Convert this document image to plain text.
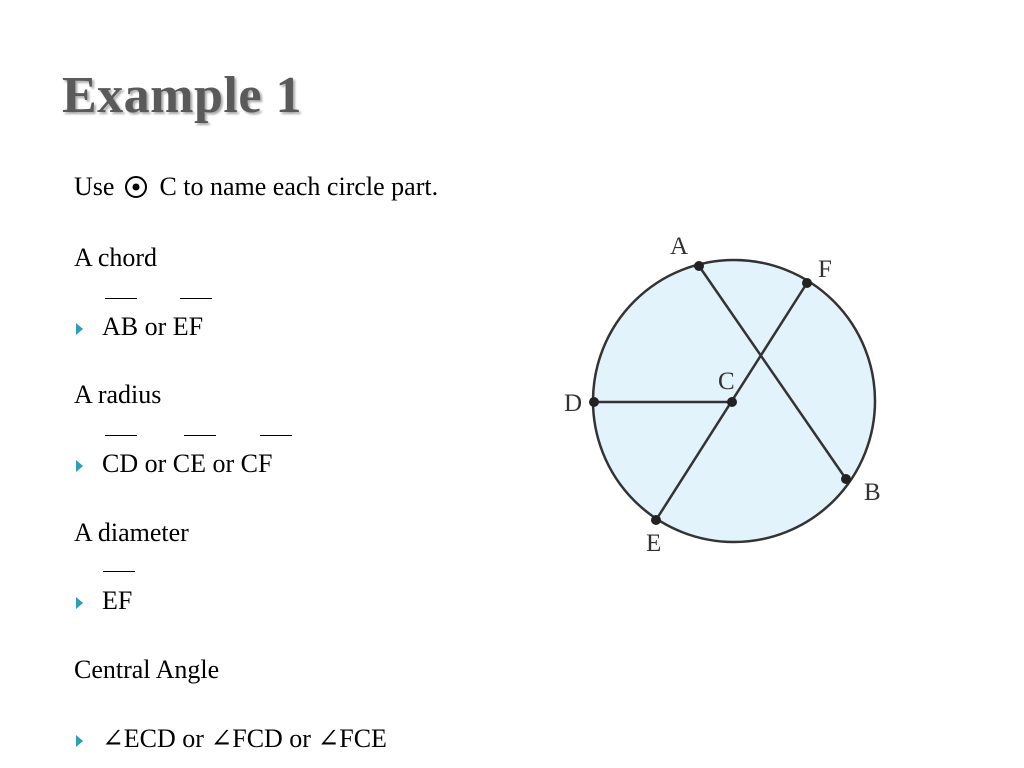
Example 1
Use C to name each circle part.
A chord
AB or EF
A radius
CD or CE or CF
A diameter
EF
Central Angle
∠ECD or ∠FCD or ∠FCE
A
F
C
D
B
E
